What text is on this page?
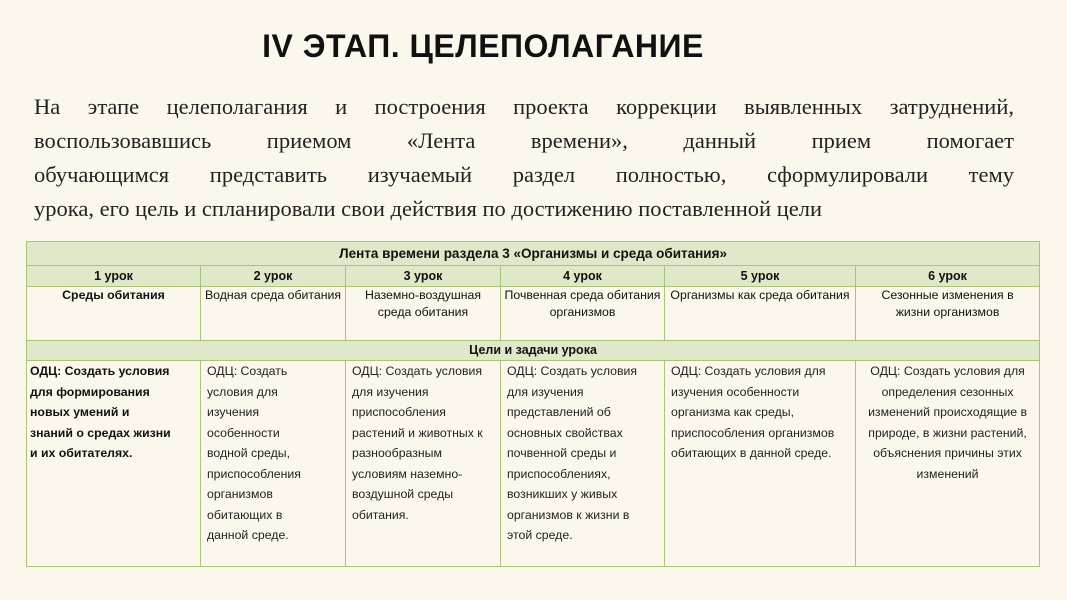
IV ЭТАП. ЦЕЛЕПОЛАГАНИЕ
На этапе целеполагания и построения проекта коррекции выявленных затруднений,
воспользовавшись приемом «Лента времени», данный прием помогает
обучающимся представить изучаемый раздел полностью, сформулировали тему
урока, его цель и спланировали свои действия по достижению поставленной цели
Лента времени раздела 3 «Организмы и среда обитания»					
1 урок	2 урок	3 урок	4 урок	5 урок	6 урок
Среды обитания	Водная среда обитания	Наземно-воздушная среда обитания	Почвенная среда обитания организмов	Организмы как среда обитания	Сезонные изменения в жизни организмов
Цели и задачи урока					
ОДЦ: Создать условия для формирования новых умений и знаний о средах жизни и их обитателях.	ОДЦ: Создать условия для изучения особенности водной среды, приспособления организмов обитающих в данной среде.	ОДЦ: Создать условия для изучения приспособления растений и животных к разнообразным условиям наземно-воздушной среды обитания.	ОДЦ: Создать условия для изучения представлений об основных свойствах почвенной среды и приспособлениях, возникших у живых организмов к жизни в этой среде.	ОДЦ: Создать условия для изучения особенности организма как среды, приспособления организмов обитающих в данной среде.	ОДЦ: Создать условия для определения сезонных изменений происходящие в природе, в жизни растений, объяснения причины этих изменений
